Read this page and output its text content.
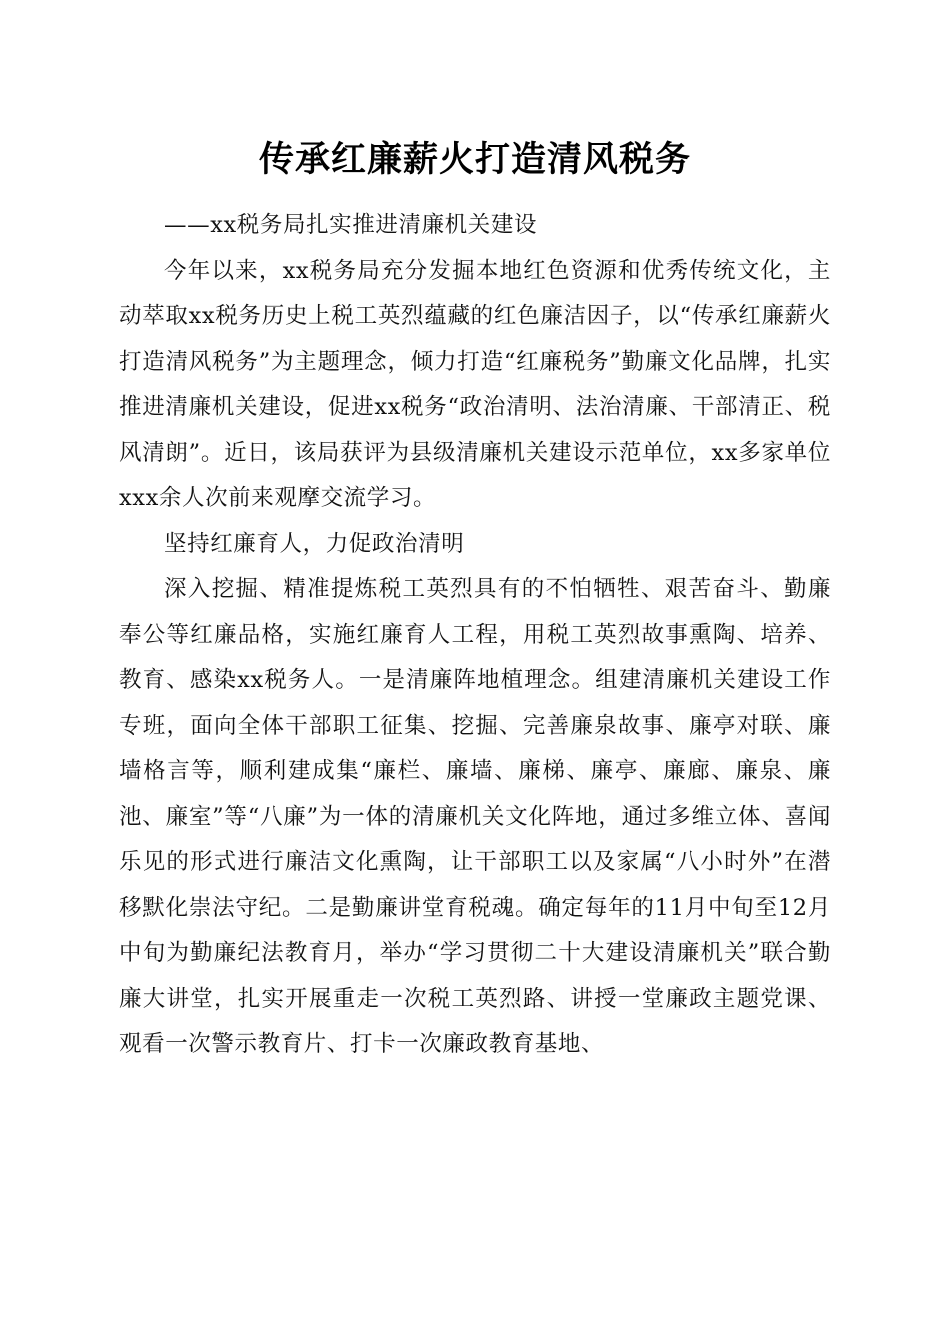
传承红廉薪火打造清风税务

——xx税务局扎实推进清廉机关建设

今年以来，xx税务局充分发掘本地红色资源和优秀传统文化，主动萃取xx税务历史上税工英烈蕴藏的红色廉洁因子，以“传承红廉薪火打造清风税务”为主题理念，倾力打造“红廉税务”勤廉文化品牌，扎实推进清廉机关建设，促进xx税务“政治清明、法治清廉、干部清正、税风清朗”。近日，该局获评为县级清廉机关建设示范单位，xx多家单位xxx余人次前来观摩交流学习。

坚持红廉育人，力促政治清明

深入挖掘、精准提炼税工英烈具有的不怕牺牲、艰苦奋斗、勤廉奉公等红廉品格，实施红廉育人工程，用税工英烈故事熏陶、培养、教育、感染xx税务人。一是清廉阵地植理念。组建清廉机关建设工作专班，面向全体干部职工征集、挖掘、完善廉泉故事、廉亭对联、廉墙格言等，顺利建成集“廉栏、廉墙、廉梯、廉亭、廉廊、廉泉、廉池、廉室”等“八廉”为一体的清廉机关文化阵地，通过多维立体、喜闻乐见的形式进行廉洁文化熏陶，让干部职工以及家属“八小时外”在潜移默化崇法守纪。二是勤廉讲堂育税魂。确定每年的11月中旬至12月中旬为勤廉纪法教育月，举办“学习贯彻二十大建设清廉机关”联合勤廉大讲堂，扎实开展重走一次税工英烈路、讲授一堂廉政主题党课、观看一次警示教育片、打卡一次廉政教育基地、
